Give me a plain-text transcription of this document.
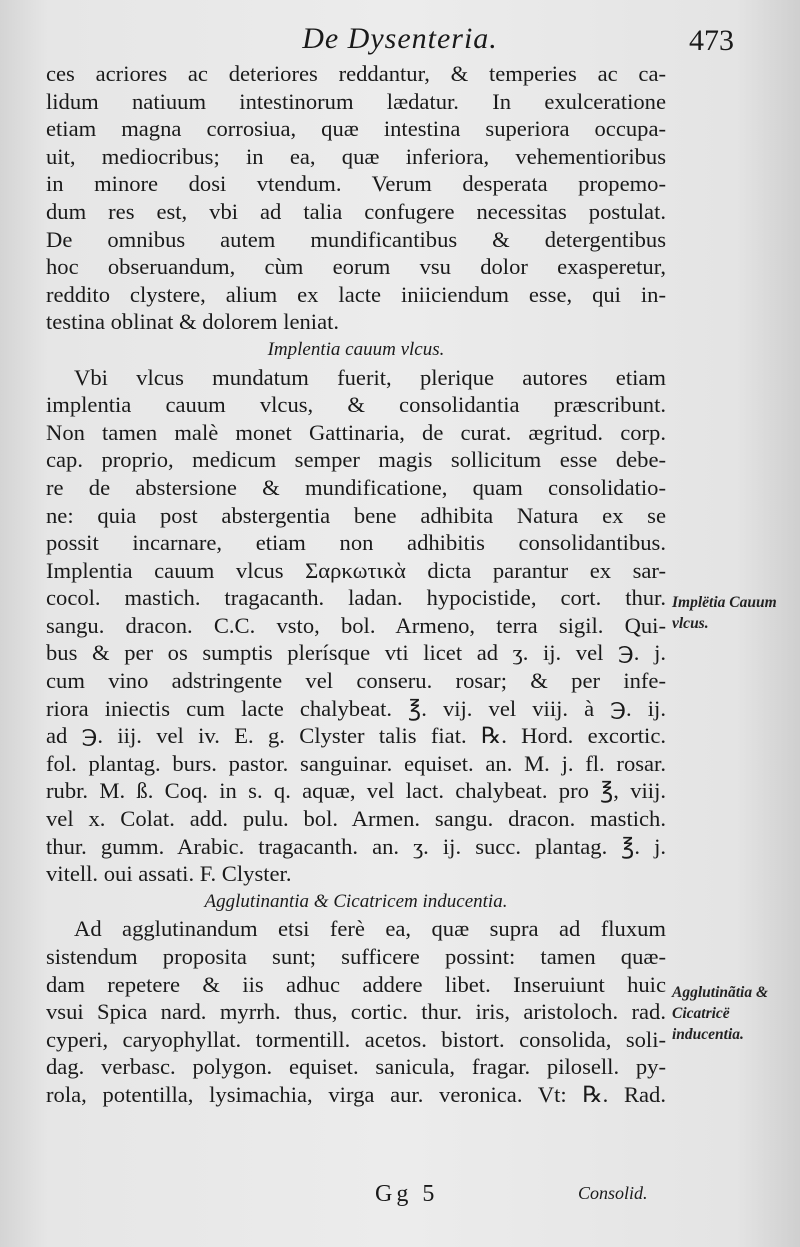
De Dysenteria.	473
ces acriores ac deteriores reddantur, & temperies ac ca-
lidum natiuum intestinorum lædatur. In exulceratione
etiam magna corrosiua, quæ intestina superiora occupa-
uit, mediocribus; in ea, quæ inferiora, vehementioribus
in minore dosi vtendum. Verum desperata propemo-
dum res est, vbi ad talia confugere necessitas postulat.
De omnibus autem mundificantibus & detergentibus
hoc obseruandum, cùm eorum vsu dolor exasperetur,
reddito clystere, alium ex lacte iniiciendum esse, qui in-
testina oblinat & dolorem leniat.
Implentia cauum vlcus.
Vbi vlcus mundatum fuerit, plerique autores etiam
implentia cauum vlcus, & consolidantia præscribunt.
Non tamen malè monet Gattinaria, de curat. ægritud. corp.
cap. proprio, medicum semper magis sollicitum esse debe-
re de abstersione & mundificatione, quam consolidatio-
ne: quia post abstergentia bene adhibita Natura ex se
possit incarnare, etiam non adhibitis consolidantibus.
Implentia cauum vlcus Σαρκωτικὰ dicta parantur ex sar-
cocol. mastich. tragacanth. ladan. hypocistide, cort. thur.
sangu. dracon. C.C. vsto, bol. Armeno, terra sigil. Qui-
bus & per os sumptis plerísque vti licet ad ʒ. ij. vel ℈. j.
cum vino adstringente vel conseru. rosar; & per infe-
riora iniectis cum lacte chalybeat. ℥. vij. vel viij. à ℈. ij.
ad ℈. iij. vel iv. E. g. Clyster talis fiat. ℞. Hord. excortic.
fol. plantag. burs. pastor. sanguinar. equiset. an. M. j. fl. rosar.
rubr. M. ß. Coq. in s. q. aquæ, vel lact. chalybeat. pro ℥, viij.
vel x. Colat. add. pulu. bol. Armen. sangu. dracon. mastich.
thur. gumm. Arabic. tragacanth. an. ʒ. ij. succ. plantag. ℥. j.
vitell. oui assati. F. Clyster.
Agglutinantia & Cicatricem inducentia.
Ad agglutinandum etsi ferè ea, quæ supra ad fluxum
sistendum proposita sunt; sufficere possint: tamen quæ-
dam repetere & iis adhuc addere libet. Inseruiunt huic
vsui Spica nard. myrrh. thus, cortic. thur. iris, aristoloch. rad.
cyperi, caryophyllat. tormentill. acetos. bistort. consolida, soli-
dag. verbasc. polygon. equiset. sanicula, fragar. pilosell. py-
rola, potentilla, lysimachia, virga aur. veronica. Vt: ℞. Rad.
Implëtia Cauum vlcus.
Agglutinãtia & Cicatricë inducentia.
Gg 5	Consolid.
